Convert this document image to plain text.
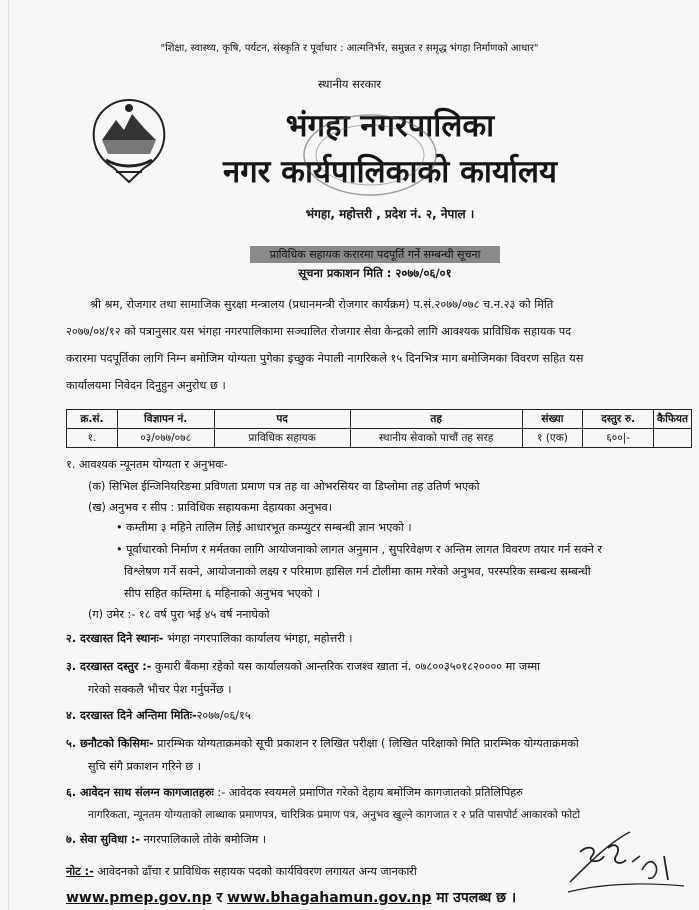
"शिक्षा, स्वास्थ्य, कृषि, पर्यटन, संस्कृति र पूर्वाधार : आत्मनिर्भर, समुन्नत र समृद्ध भंगहा निर्माणको आधार"
स्थानीय सरकार
भंगहा नगरपालिका
नगर कार्यपालिकाको कार्यालय
भंगहा, महोत्तरी , प्रदेश नं. २, नेपाल ।
प्राविधिक सहायक करारमा पदपूर्ति गर्ने सम्बन्धी सूचना
सूचना प्रकाशन मिति : २०७७/०६/०१
श्री श्रम, रोजगार तथा सामाजिक सुरक्षा मन्त्रालय (प्रधानमन्त्री रोजगार कार्यक्रम) प.सं.२०७७/०७८ च.न.२३ को मिति
२०७७/०४/१२ को पत्रानुसार यस भंगहा नगरपालिकामा सञ्चालित रोजगार सेवा केन्द्रको लागि आवश्यक प्राविधिक सहायक पद
करारमा पदपूर्तिका लागि निम्न बमोजिम योग्यता पुगेका इच्छुक नेपाली नागरिकले १५ दिनभित्र माग बमोजिमका विवरण सहित यस
कार्यालयमा निवेदन दिनुहुन अनुरोध छ ।
क्र.सं.	विज्ञापन नं.	पद	तह	संख्या	दस्तुर रु.	कैफियत
१.	०३/०७७/०७८	प्राविधिक सहायक	स्थानीय सेवाको पाचौं तह सरह	१ (एक)	६००|-	
१. आवश्यक न्यूनतम योग्यता र अनुभवः-
(क) सिभिल ईन्जिनियरिङमा प्रविणता प्रमाण पत्र तह वा ओभरसियर वा डिप्लोमा तह उतिर्ण भएको
(ख) अनुभव र सीप : प्राविधिक सहायकमा देहायका अनुभव।
• कम्तीमा ३ महिने तालिम लिई आधारभूत कम्प्युटर सम्बन्धी ज्ञान भएको ।
• पूर्वाधारको निर्माण र मर्मतका लागि आयोजनाको लागत अनुमान , सुपरिवेक्षण र अन्तिम लागत विवरण तयार गर्न सक्ने र
विश्लेषण गर्ने सक्ने, आयोजनाको लक्ष्य र परिमाण हासिल गर्न टोलीमा काम गरेको अनुभव, परस्परिक सम्बन्ध सम्बन्धी
सीप सहित कम्तिमा ६ महिनाको अनुभव भएको ।
(ग) उमेर :- १८ वर्ष पुरा भई ४५ वर्ष ननाघेको
२. दरखास्त दिने स्थानः- भंगहा नगरपालिका कार्यालय भंगहा, महोत्तरी ।
३. दरखास्त दस्तुर :- कुमारी बैंकमा रहेको यस कार्यालयको आन्तरिक राजश्व खाता नं. ०७८००३५०१८२०००० मा जम्मा
गरेको सक्कलै भौचर पेश गर्नुपर्नेछ ।
४. दरखास्त दिने अन्तिमा मितिः-२०७७/०६/१५
५. छनौटको किसिमः- प्रारम्भिक योग्यताक्रमको सूची प्रकाशन र लिखित परीक्षा ( लिखित परिक्षाको मिति प्रारम्भिक योग्यताक्रमको
सुचि संगै प्रकाशन गरिने छ ।
६. आवेदन साथ संलग्न कागजातहरुः :- आवेदक स्वयमले प्रमाणित गरेको देहाय बमोजिम कागजातको प्रतिलिपिहरु
नागरिकता, न्यूनतम योग्यताको लाब्धाक प्रमाणपत्र, चारित्रिक प्रमाण पत्र, अनुभव खुल्ने कागजात र २ प्रति पासपोर्ट आकारको फोटो
७. सेवा सुविधा :- नगरपालिकाले तोके बमोजिम ।
नोट :- आवेदनको ढाँचा र प्राविधिक सहायक पदको कार्यविवरण लगायत अन्य जानकारी
www.pmep.gov.np र www.bhagahamun.gov.np मा उपलब्ध छ ।
